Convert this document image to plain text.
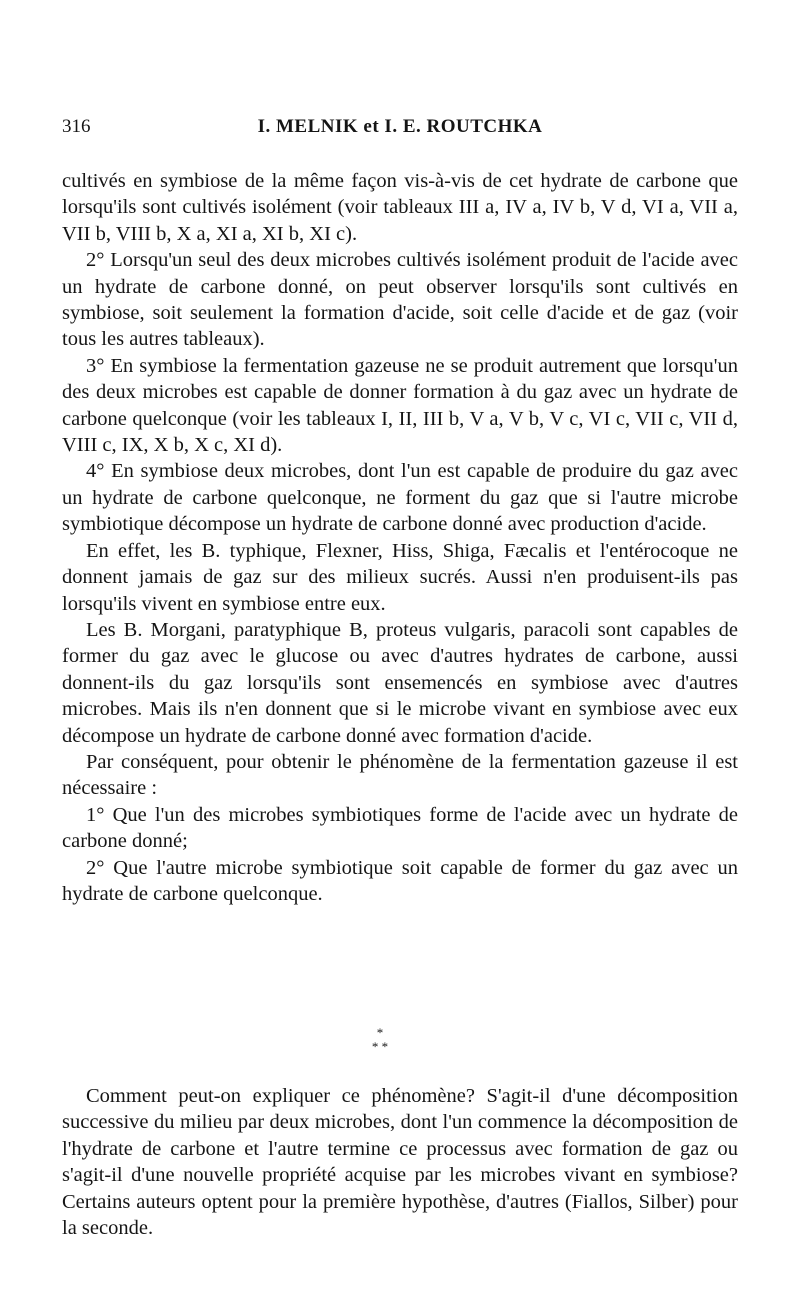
316	I. MELNIK et I. E. ROUTCHKA

cultivés en symbiose de la même façon vis-à-vis de cet hydrate de carbone que lorsqu'ils sont cultivés isolément (voir tableaux III a, IV a, IV b, V d, VI a, VII a, VII b, VIII b, X a, XI a, XI b, XI c).

2° Lorsqu'un seul des deux microbes cultivés isolément produit de l'acide avec un hydrate de carbone donné, on peut observer lorsqu'ils sont cultivés en symbiose, soit seulement la formation d'acide, soit celle d'acide et de gaz (voir tous les autres tableaux).

3° En symbiose la fermentation gazeuse ne se produit autrement que lorsqu'un des deux microbes est capable de donner formation à du gaz avec un hydrate de carbone quelconque (voir les tableaux I, II, III b, V a, V b, V c, VI c, VII c, VII d, VIII c, IX, X b, X c, XI d).

4° En symbiose deux microbes, dont l'un est capable de produire du gaz avec un hydrate de carbone quelconque, ne forment du gaz que si l'autre microbe symbiotique décompose un hydrate de carbone donné avec production d'acide.

En effet, les B. typhique, Flexner, Hiss, Shiga, Fæcalis et l'entérocoque ne donnent jamais de gaz sur des milieux sucrés. Aussi n'en produisent-ils pas lorsqu'ils vivent en symbiose entre eux.

Les B. Morgani, paratyphique B, proteus vulgaris, paracoli sont capables de former du gaz avec le glucose ou avec d'autres hydrates de carbone, aussi donnent-ils du gaz lorsqu'ils sont ensemencés en symbiose avec d'autres microbes. Mais ils n'en donnent que si le microbe vivant en symbiose avec eux décompose un hydrate de carbone donné avec formation d'acide.

Par conséquent, pour obtenir le phénomène de la fermentation gazeuse il est nécessaire :

1° Que l'un des microbes symbiotiques forme de l'acide avec un hydrate de carbone donné;

2° Que l'autre microbe symbiotique soit capable de former du gaz avec un hydrate de carbone quelconque.

*
* *

Comment peut-on expliquer ce phénomène? S'agit-il d'une décomposition successive du milieu par deux microbes, dont l'un commence la décomposition de l'hydrate de carbone et l'autre termine ce processus avec formation de gaz ou s'agit-il d'une nouvelle propriété acquise par les microbes vivant en symbiose? Certains auteurs optent pour la première hypothèse, d'autres (Fiallos, Silber) pour la seconde.
